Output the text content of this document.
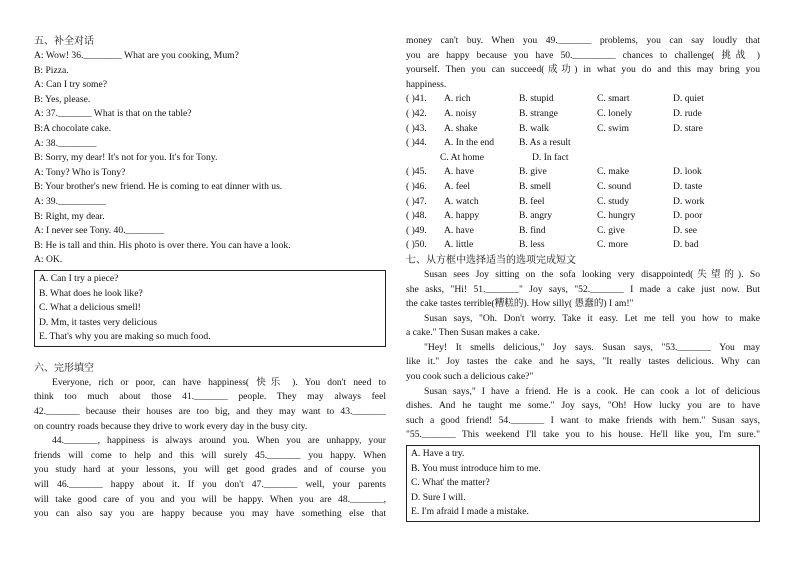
五、补全对话
A: Wow! 36.________ What are you cooking, Mum?
B: Pizza.
A: Can I try some?
B: Yes, please.
A: 37._______ What is that on the table?
B:A chocolate cake.
A: 38.________
B: Sorry, my dear! It's not for you. It's for Tony.
A: Tony? Who is Tony?
B: Your brother's new friend. He is coming to eat dinner with us.
A: 39.__________
B: Right, my dear.
A: I never see Tony. 40.________
B: He is tall and thin. His photo is over there. You can have a look.
A: OK.
A. Can I try a piece?
B. What does he look like?
C. What a delicious smell!
D. Mm, it tastes very delicious
E. That's why you are making so much food.
六、完形填空
Everyone, rich or poor, can have happiness( 快乐 ). You don't need to
think too much about those 41._______ people. They may always feel
42._______ because their houses are too big, and they may want to 43._______
on country roads because they drive to work every day in the busy city.
44._______, happiness is always around you. When you are unhappy, your
friends will come to help and this will surely 45._______ you happy. When
you study hard at your lessons, you will get good grades and of course you
will 46._______ happy about it. If you don't 47._______ well, your parents
will take good care of you and you will be happy. When you are 48._______,
you can also say you are happy because you may have something else that
money can't buy. When you 49._______ problems, you can say loudly that
you are happy because you have 50._________ chances to challenge( 挑战 )
yourself. Then you can succeed(成功) in what you do and this may bring you
happiness.
( )41.	A. rich	B. stupid	C. smart	D. quiet
( )42.	A. noisy	B. strange	C. lonely	D. rude
( )43.	A. shake	B. walk	C. swim	D. stare
( )44.	A. In the end	B. As a result
C. At home	D. In fact
( )45.	A. have	B. give	C. make	D. look
( )46.	A. feel	B. smell	C. sound	D. taste
( )47.	A. watch	B. feel	C. study	D. work
( )48.	A. happy	B. angry	C. hungry	D. poor
( )49.	A. have	B. find	C. give	D. see
( )50.	A. little	B. less	C. more	D. bad
七、从方框中选择适当的选项完成短文
Susan sees Joy sitting on the sofa looking very disappointed(失望的). So
she asks, "Hi! 51._______" Joy says, "52._______ I made a cake just now. But
the cake tastes terrible(糟糕的). How silly( 愚蠢的) I am!"
Susan says, "Oh. Don't worry. Take it easy. Let me tell you how to make
a cake." Then Susan makes a cake.
"Hey! It smells delicious," Joy says. Susan says, "53._______ You may
like it." Joy tastes the cake and he says, "It really tastes delicious. Why can
you cook such a delicious cake?"
Susan says," I have a friend. He is a cook. He can cook a lot of delicious
dishes. And he taught me some." Joy says, "Oh! How lucky you are to have
such a good friend! 54._______ I want to make friends with hem." Susan says,
"55._______ This weekend I'll take you to his house. He'll like you, I'm sure."
A. Have a try.
B. You must introduce him to me.
C. What' the matter?
D. Sure I will.
E. I'm afraid I made a mistake.
